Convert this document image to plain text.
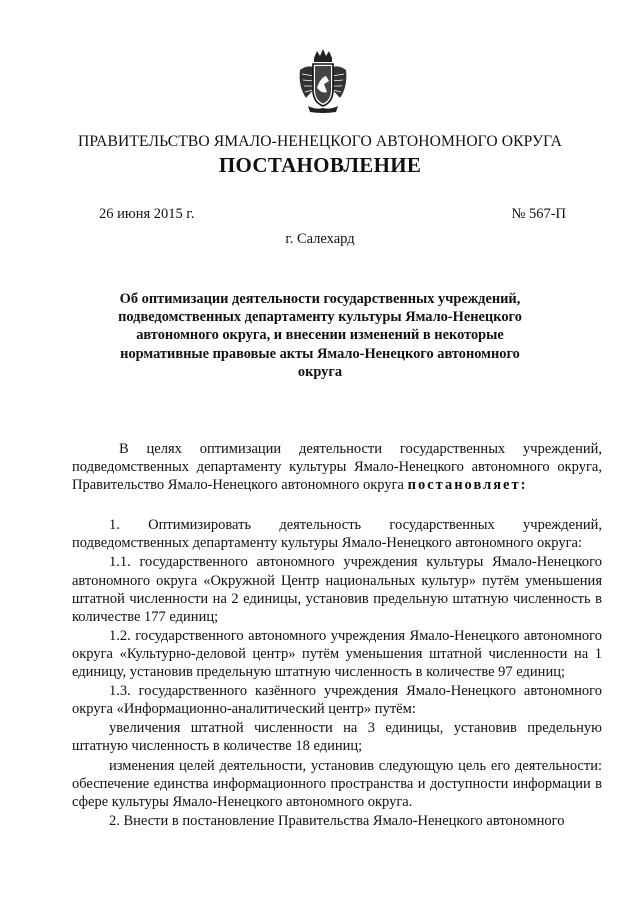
ПРАВИТЕЛЬСТВО ЯМАЛО-НЕНЕЦКОГО АВТОНОМНОГО ОКРУГА
ПОСТАНОВЛЕНИЕ
26 июня 2015 г.	№ 567-П
г. Салехард
Об оптимизации деятельности государственных учреждений, подведомственных департаменту культуры Ямало-Ненецкого автономного округа, и внесении изменений в некоторые нормативные правовые акты Ямало-Ненецкого автономного округа

В целях оптимизации деятельности государственных учреждений, подведомственных департаменту культуры Ямало-Ненецкого автономного округа, Правительство Ямало-Ненецкого автономного округа постановляет:

1. Оптимизировать деятельность государственных учреждений, подведомственных департаменту культуры Ямало-Ненецкого автономного округа:

1.1. государственного автономного учреждения культуры Ямало-Ненецкого автономного округа «Окружной Центр национальных культур» путём уменьшения штатной численности на 2 единицы, установив предельную штатную численность в количестве 177 единиц;

1.2. государственного автономного учреждения Ямало-Ненецкого автономного округа «Культурно-деловой центр» путём уменьшения штатной численности на 1 единицу, установив предельную штатную численность в количестве 97 единиц;

1.3. государственного казённого учреждения Ямало-Ненецкого автономного округа «Информационно-аналитический центр» путём:

увеличения штатной численности на 3 единицы, установив предельную штатную численность в количестве 18 единиц;

изменения целей деятельности, установив следующую цель его деятельности: обеспечение единства информационного пространства и доступности информации в сфере культуры Ямало-Ненецкого автономного округа.

2. Внести в постановление Правительства Ямало-Ненецкого автономного
